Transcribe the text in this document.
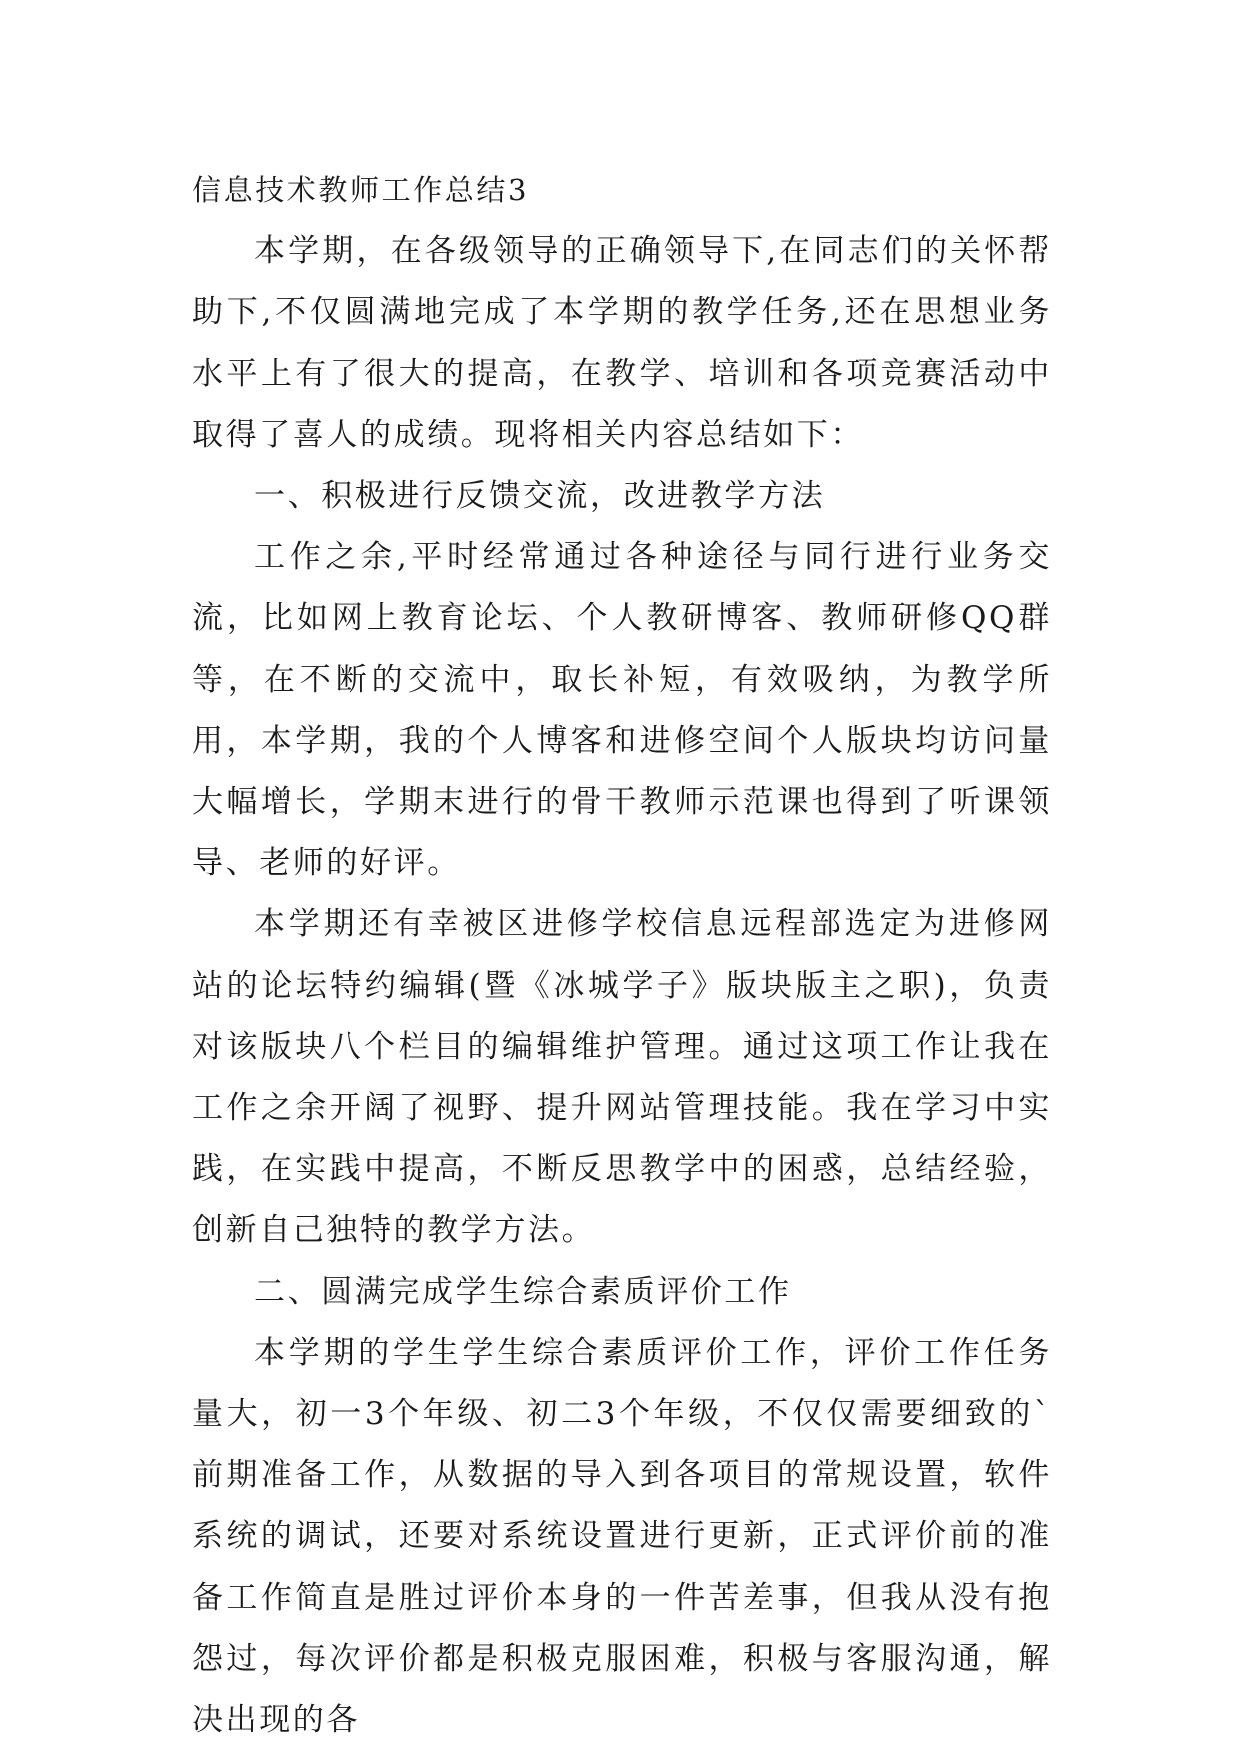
信息技术教师工作总结3

本学期，在各级领导的正确领导下,在同志们的关怀帮助下,不仅圆满地完成了本学期的教学任务,还在思想业务水平上有了很大的提高，在教学、培训和各项竞赛活动中取得了喜人的成绩。现将相关内容总结如下：

一、积极进行反馈交流，改进教学方法

工作之余,平时经常通过各种途径与同行进行业务交流，比如网上教育论坛、个人教研博客、教师研修QQ群等，在不断的交流中，取长补短，有效吸纳，为教学所用，本学期，我的个人博客和进修空间个人版块均访问量大幅增长，学期末进行的骨干教师示范课也得到了听课领导、老师的好评。

本学期还有幸被区进修学校信息远程部选定为进修网站的论坛特约编辑(暨《冰城学子》版块版主之职)，负责对该版块八个栏目的编辑维护管理。通过这项工作让我在工作之余开阔了视野、提升网站管理技能。我在学习中实践，在实践中提高，不断反思教学中的困惑，总结经验，创新自己独特的教学方法。

二、圆满完成学生综合素质评价工作

本学期的学生学生综合素质评价工作，评价工作任务量大，初一3个年级、初二3个年级，不仅仅需要细致的`前期准备工作，从数据的导入到各项目的常规设置，软件系统的调试，还要对系统设置进行更新，正式评价前的准备工作简直是胜过评价本身的一件苦差事，但我从没有抱怨过，每次评价都是积极克服困难，积极与客服沟通，解决出现的各
